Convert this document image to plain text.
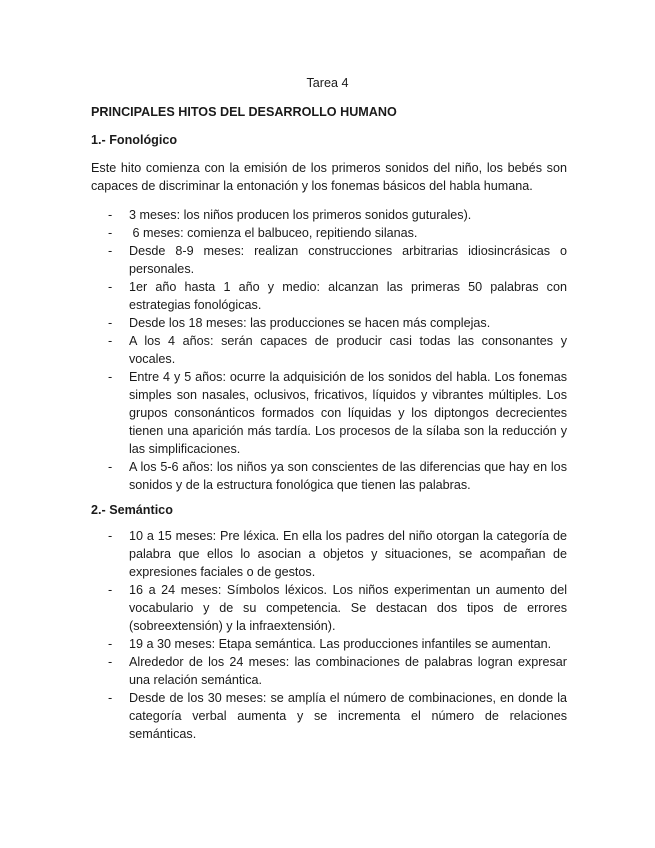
Tarea 4
PRINCIPALES HITOS DEL DESARROLLO HUMANO
1.- Fonológico
Este hito comienza con la emisión de los primeros sonidos del niño, los bebés son capaces de discriminar la entonación y los fonemas básicos del habla humana.
- 3 meses: los niños producen los primeros sonidos guturales).
-  6 meses: comienza el balbuceo, repitiendo silanas.
- Desde 8-9 meses: realizan construcciones arbitrarias idiosincrásicas o personales.
- 1er año hasta 1 año y medio: alcanzan las primeras 50 palabras con estrategias fonológicas.
- Desde los 18 meses: las producciones se hacen más complejas.
- A los 4 años: serán capaces de producir casi todas las consonantes y vocales.
- Entre 4 y 5 años: ocurre la adquisición de los sonidos del habla. Los fonemas simples son nasales, oclusivos, fricativos, líquidos y vibrantes múltiples. Los grupos consonánticos formados con líquidas y los diptongos decrecientes tienen una aparición más tardía. Los procesos de la sílaba son la reducción y las simplificaciones.
- A los 5-6 años: los niños ya son conscientes de las diferencias que hay en los sonidos y de la estructura fonológica que tienen las palabras.
2.- Semántico
- 10 a 15 meses: Pre léxica. En ella los padres del niño otorgan la categoría de palabra que ellos lo asocian a objetos y situaciones, se acompañan de expresiones faciales o de gestos.
- 16 a 24 meses: Símbolos léxicos. Los niños experimentan un aumento del vocabulario y de su competencia. Se destacan dos tipos de errores (sobreextensión) y la infraextensión).
- 19 a 30 meses: Etapa semántica. Las producciones infantiles se aumentan.
- Alrededor de los 24 meses: las combinaciones de palabras logran expresar una relación semántica.
- Desde de los 30 meses: se amplía el número de combinaciones, en donde la categoría verbal aumenta y se incrementa el número de relaciones semánticas.
